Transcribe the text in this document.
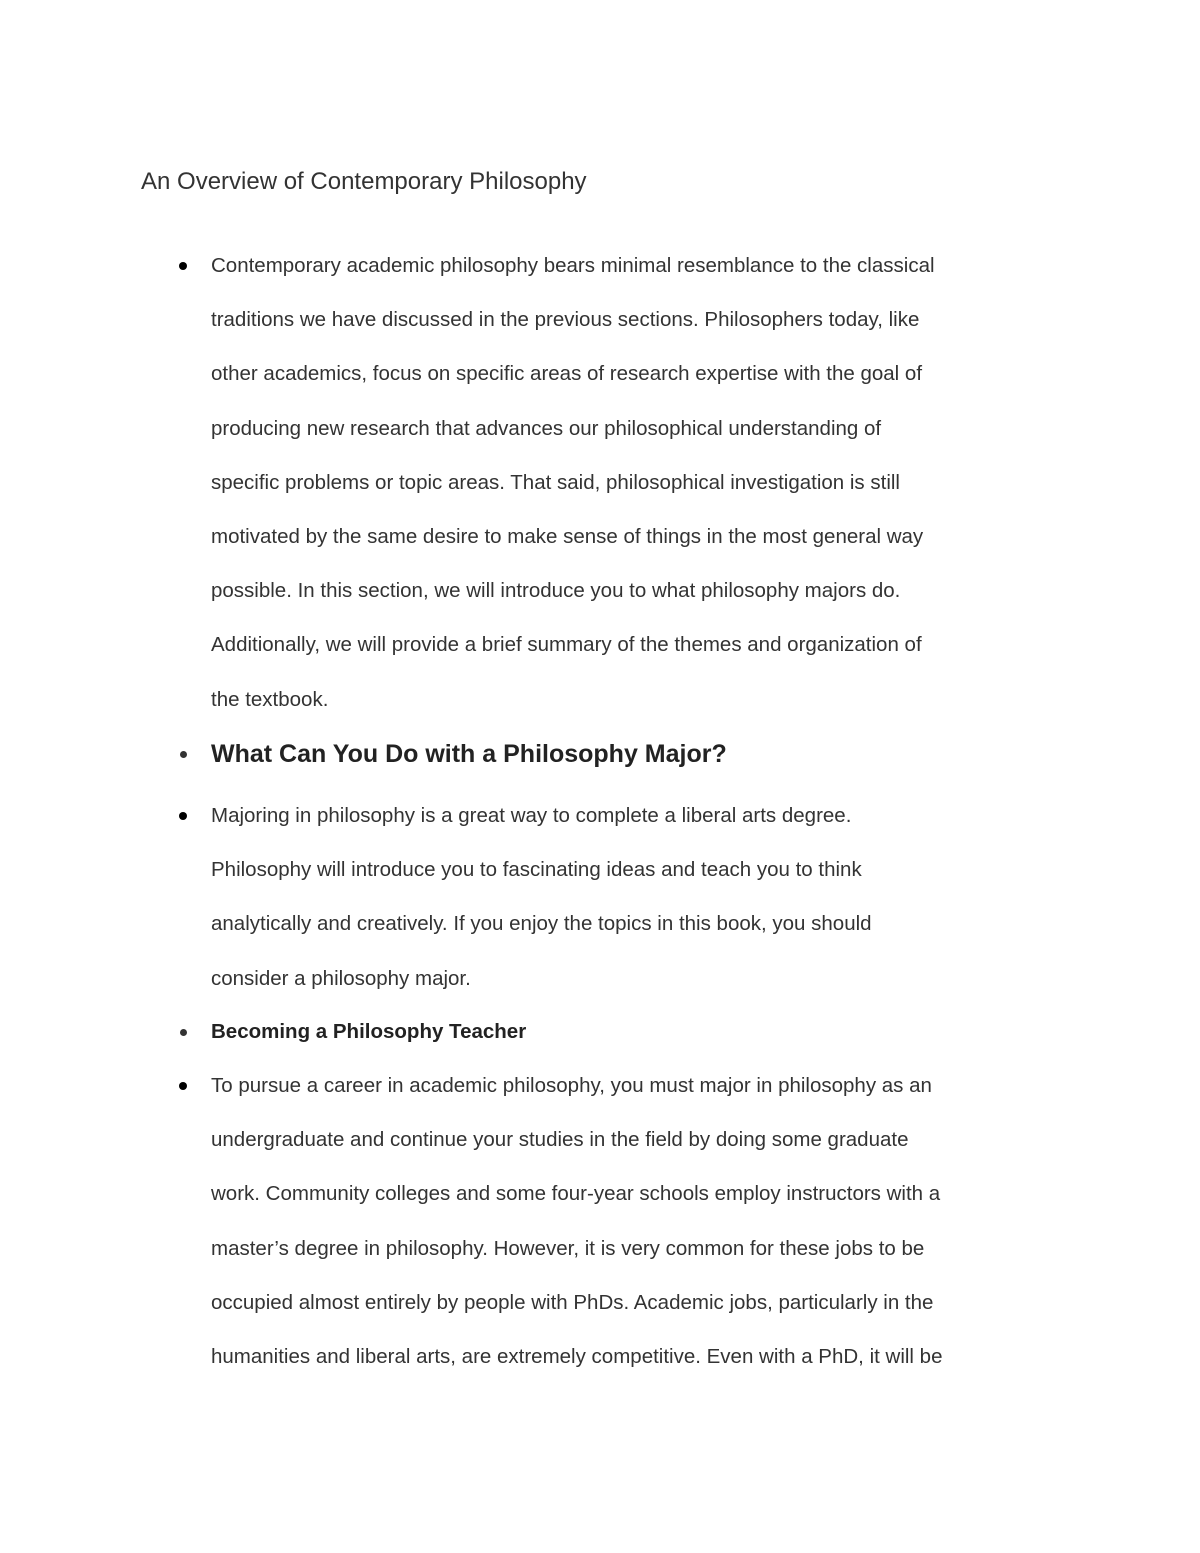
An Overview of Contemporary Philosophy
Contemporary academic philosophy bears minimal resemblance to the classical
traditions we have discussed in the previous sections. Philosophers today, like
other academics, focus on specific areas of research expertise with the goal of
producing new research that advances our philosophical understanding of
specific problems or topic areas. That said, philosophical investigation is still
motivated by the same desire to make sense of things in the most general way
possible. In this section, we will introduce you to what philosophy majors do.
Additionally, we will provide a brief summary of the themes and organization of
the textbook.
What Can You Do with a Philosophy Major?
Majoring in philosophy is a great way to complete a liberal arts degree.
Philosophy will introduce you to fascinating ideas and teach you to think
analytically and creatively. If you enjoy the topics in this book, you should
consider a philosophy major.
Becoming a Philosophy Teacher
To pursue a career in academic philosophy, you must major in philosophy as an
undergraduate and continue your studies in the field by doing some graduate
work. Community colleges and some four-year schools employ instructors with a
master’s degree in philosophy. However, it is very common for these jobs to be
occupied almost entirely by people with PhDs. Academic jobs, particularly in the
humanities and liberal arts, are extremely competitive. Even with a PhD, it will be
